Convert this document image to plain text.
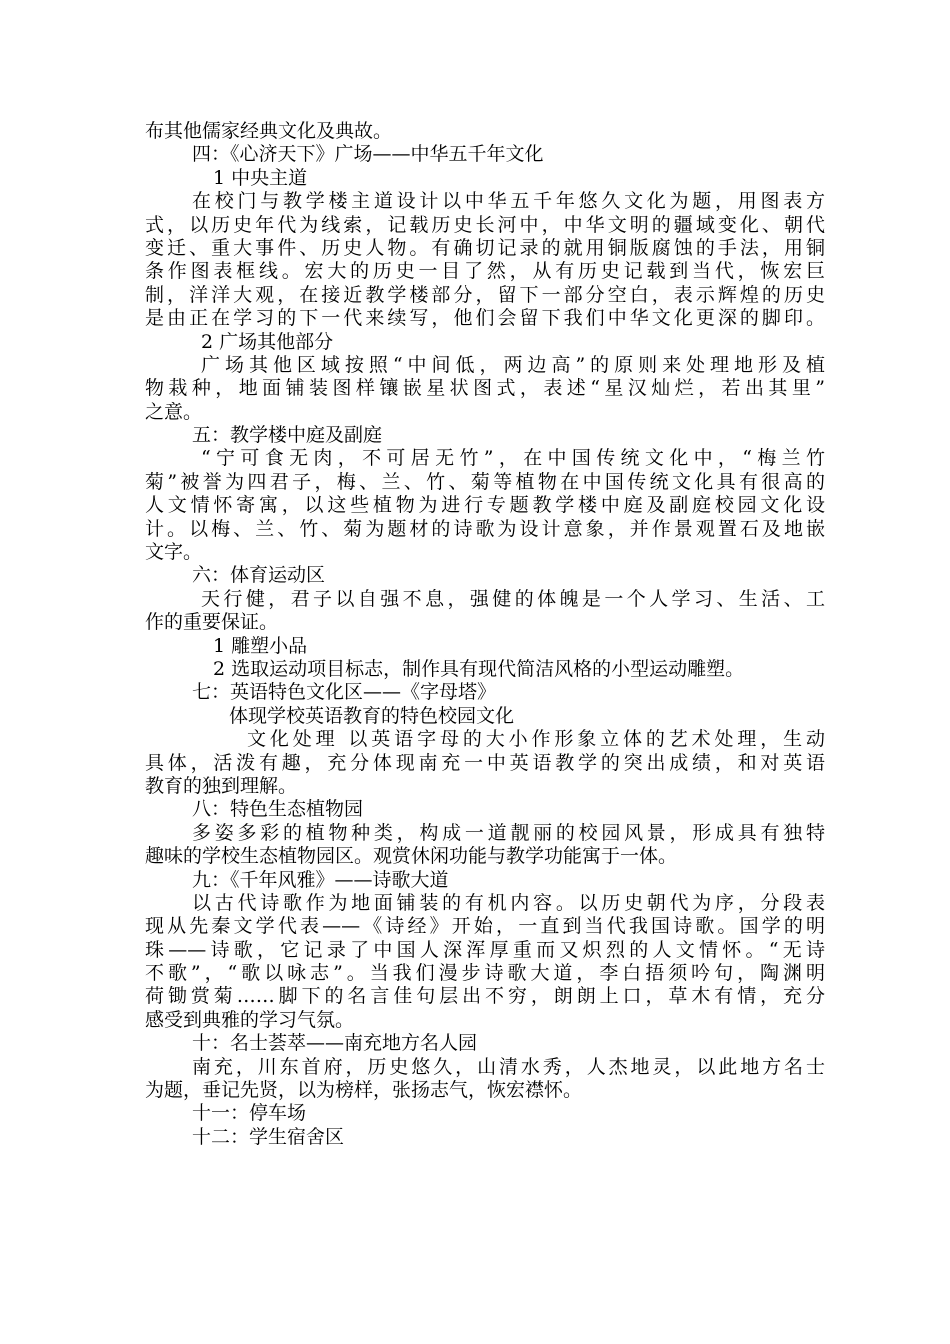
布其他儒家经典文化及典故。
四：《心济天下》广场——中华五千年文化
1 中央主道
在校门与教学楼主道设计以中华五千年悠久文化为题，用图表方
式，以历史年代为线索，记载历史长河中，中华文明的疆域变化、朝代
变迁、重大事件、历史人物。有确切记录的就用铜版腐蚀的手法，用铜
条作图表框线。宏大的历史一目了然，从有历史记载到当代，恢宏巨
制，洋洋大观，在接近教学楼部分，留下一部分空白，表示辉煌的历史
是由正在学习的下一代来续写，他们会留下我们中华文化更深的脚印。
2 广场其他部分
广场其他区域按照“中间低，两边高”的原则来处理地形及植
物栽种，地面铺装图样镶嵌星状图式，表述“星汉灿烂，若出其里”
之意。
五：教学楼中庭及副庭
“宁可食无肉，不可居无竹”，在中国传统文化中，“梅兰竹
菊”被誉为四君子，梅、兰、竹、菊等植物在中国传统文化具有很高的
人文情怀寄寓，以这些植物为进行专题教学楼中庭及副庭校园文化设
计。以梅、兰、竹、菊为题材的诗歌为设计意象，并作景观置石及地嵌
文字。
六：体育运动区
天行健，君子以自强不息，强健的体魄是一个人学习、生活、工
作的重要保证。
1 雕塑小品
2 选取运动项目标志，制作具有现代简洁风格的小型运动雕塑。
七：英语特色文化区——《字母塔》
体现学校英语教育的特色校园文化
文化处理 以英语字母的大小作形象立体的艺术处理，生动
具体，活泼有趣，充分体现南充一中英语教学的突出成绩，和对英语
教育的独到理解。
八：特色生态植物园
多姿多彩的植物种类，构成一道靓丽的校园风景，形成具有独特
趣味的学校生态植物园区。观赏休闲功能与教学功能寓于一体。
九：《千年风雅》——诗歌大道
以古代诗歌作为地面铺装的有机内容。以历史朝代为序，分段表
现从先秦文学代表——《诗经》开始，一直到当代我国诗歌。国学的明
珠——诗歌，它记录了中国人深浑厚重而又炽烈的人文情怀。“无诗
不歌”，“歌以咏志”。当我们漫步诗歌大道，李白捂须吟句，陶渊明
荷锄赏菊……脚下的名言佳句层出不穷，朗朗上口，草木有情，充分
感受到典雅的学习气氛。
十：名士荟萃——南充地方名人园
南充，川东首府，历史悠久，山清水秀，人杰地灵，以此地方名士
为题，垂记先贤，以为榜样，张扬志气，恢宏襟怀。
十一：停车场
十二：学生宿舍区
